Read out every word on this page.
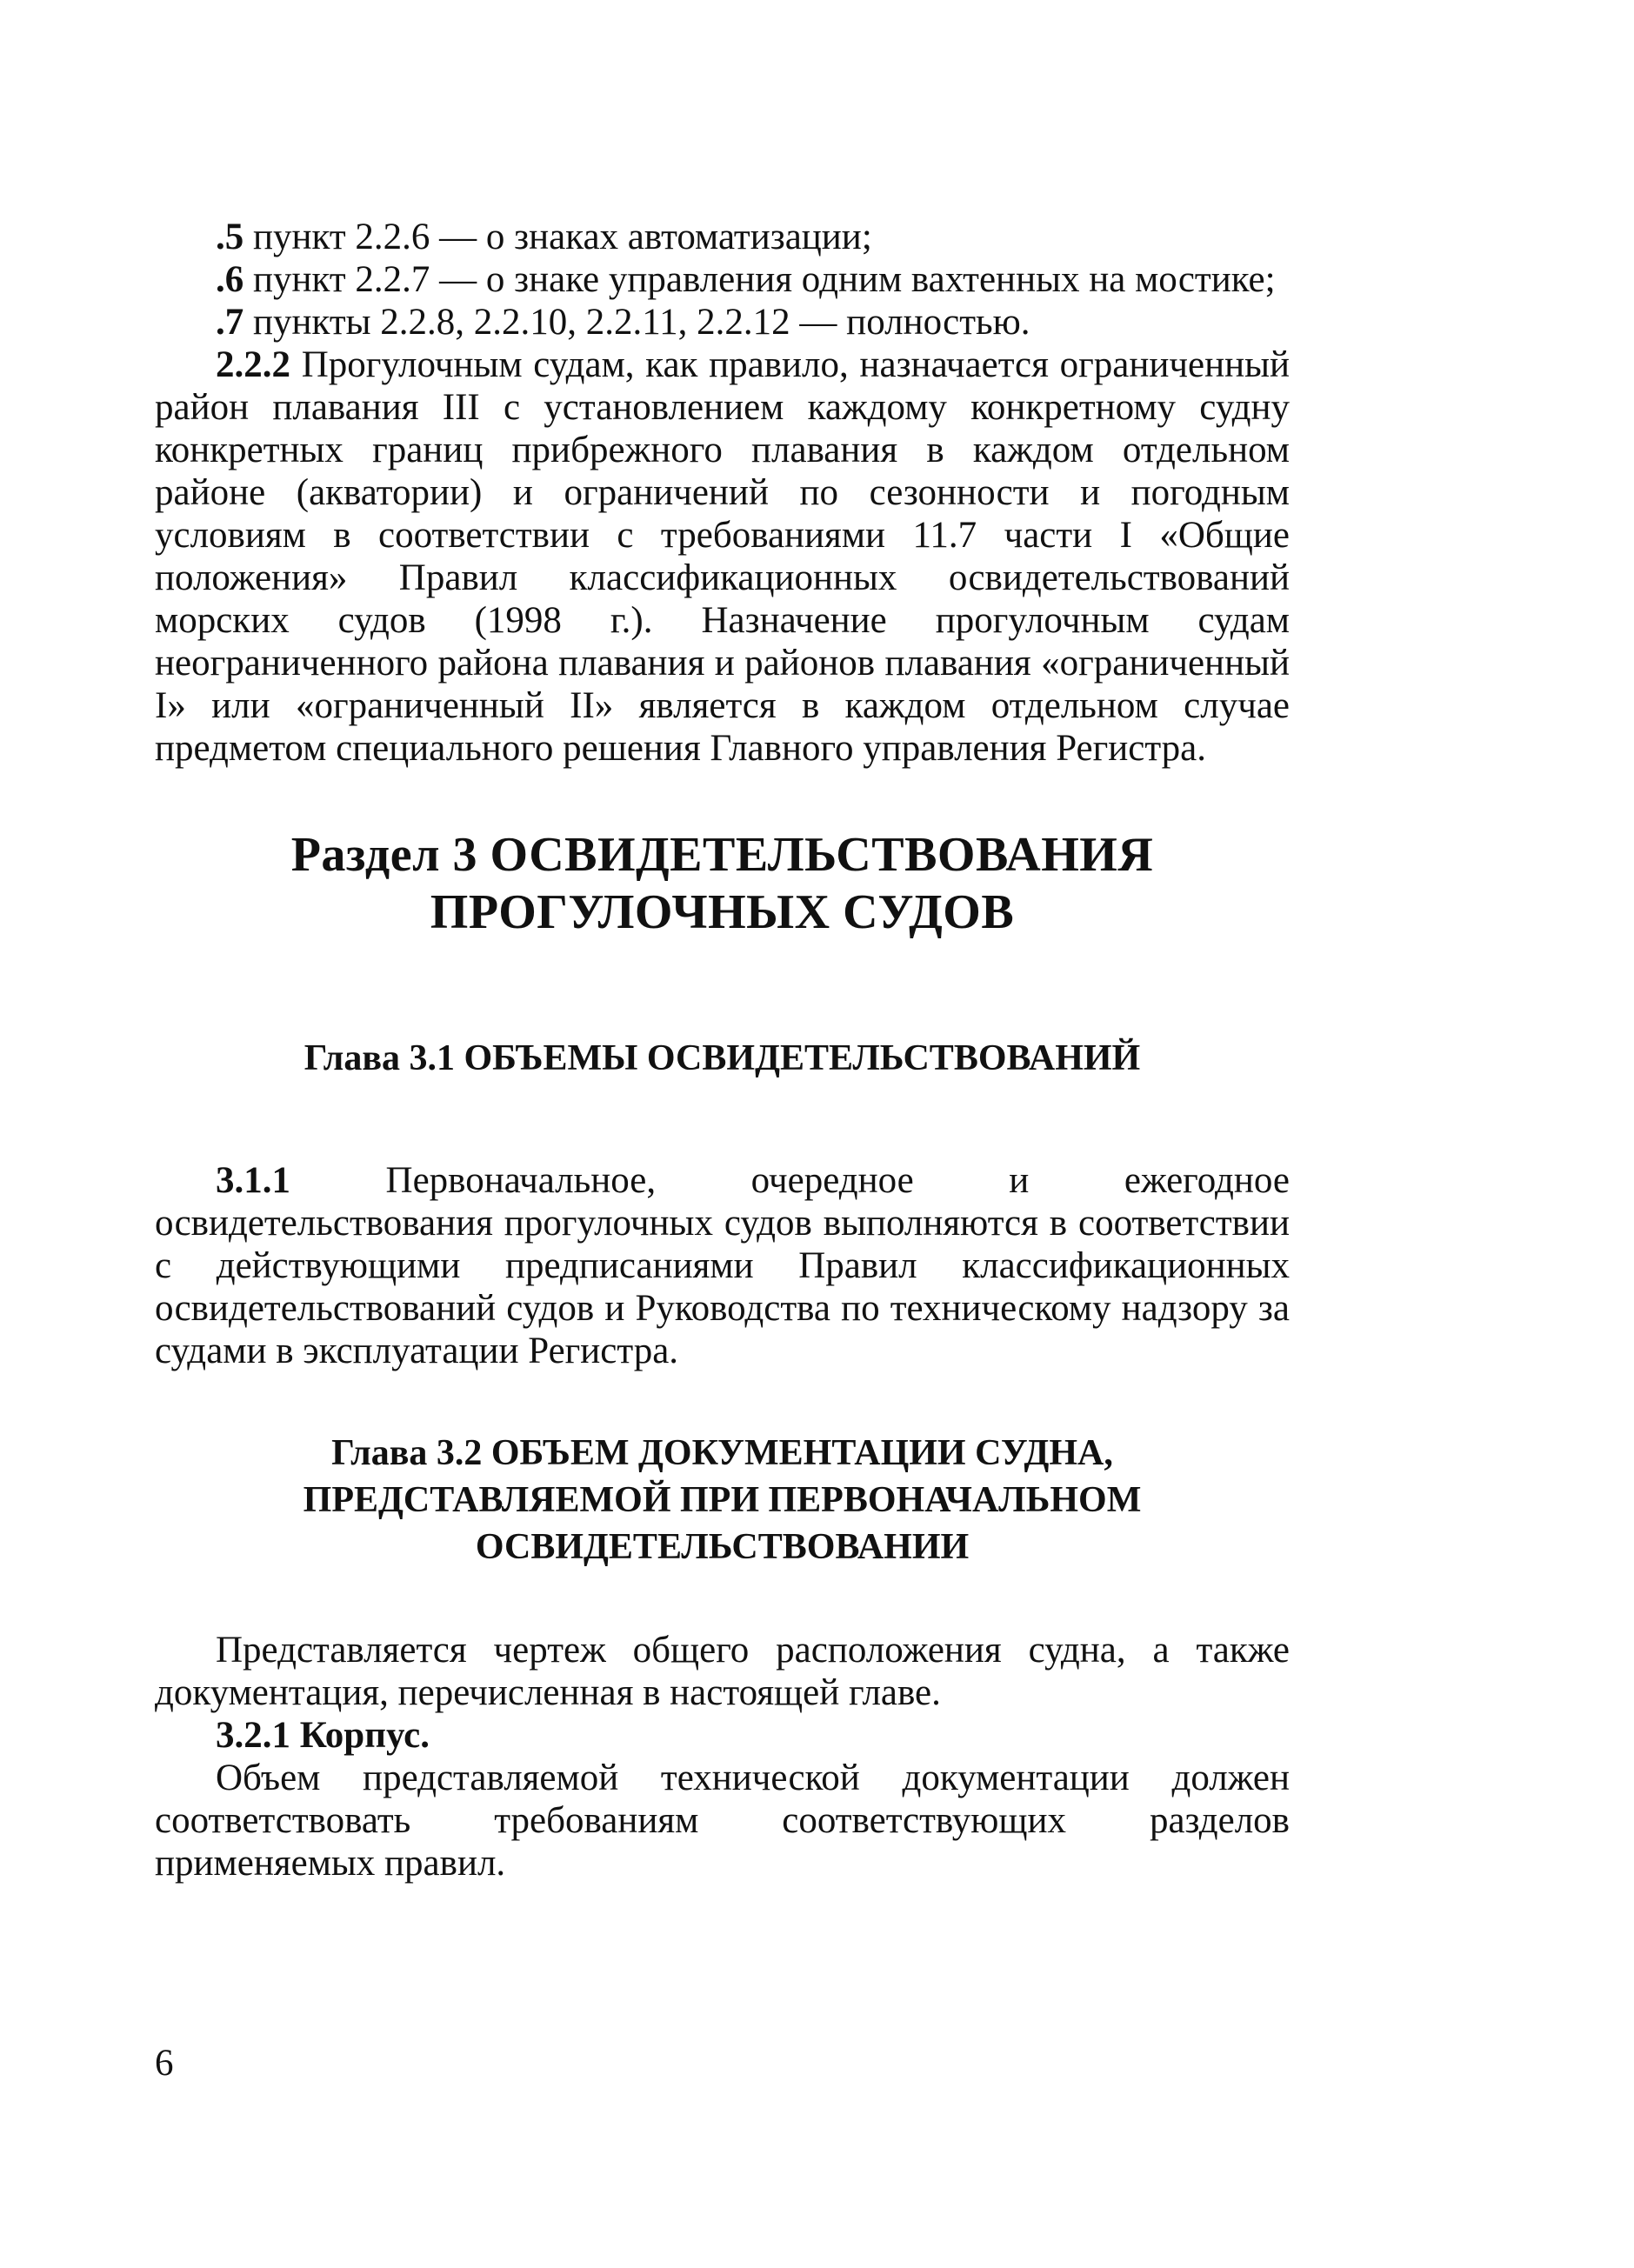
.5 пункт 2.2.6 — о знаках автоматизации;

.6 пункт 2.2.7 — о знаке управления одним вахтенных на мостике;

.7 пункты 2.2.8, 2.2.10, 2.2.11, 2.2.12 — полностью.

2.2.2 Прогулочным судам, как правило, назначается ограниченный район плавания III с установлением каждому конкретному судну конкретных границ прибрежного плавания в каждом отдельном районе (акватории) и ограничений по сезонности и погодным условиям в соответствии с требованиями 11.7 части I «Общие положения» Правил классификационных освидетельствований морских судов (1998 г.). Назначение прогулочным судам неограниченного района плавания и районов плавания «ограниченный I» или «ограниченный II» является в каждом отдельном случае предметом специального решения Главного управления Регистра.

Раздел 3 ОСВИДЕТЕЛЬСТВОВАНИЯ
ПРОГУЛОЧНЫХ СУДОВ
Глава 3.1 ОБЪЕМЫ ОСВИДЕТЕЛЬСТВОВАНИЙ

3.1.1 Первоначальное, очередное и ежегодное освидетельствования прогулочных судов выполняются в соответствии с действующими предписаниями Правил классификационных освидетельствований судов и Руководства по техническому надзору за судами в эксплуатации Регистра.

Глава 3.2 ОБЪЕМ ДОКУМЕНТАЦИИ СУДНА,
ПРЕДСТАВЛЯЕМОЙ ПРИ ПЕРВОНАЧАЛЬНОМ
ОСВИДЕТЕЛЬСТВОВАНИИ

Представляется чертеж общего расположения судна, а также документация, перечисленная в настоящей главе.

3.2.1 Корпус.

Объем представляемой технической документации должен соответствовать требованиям соответствующих разделов применяемых правил.

6
